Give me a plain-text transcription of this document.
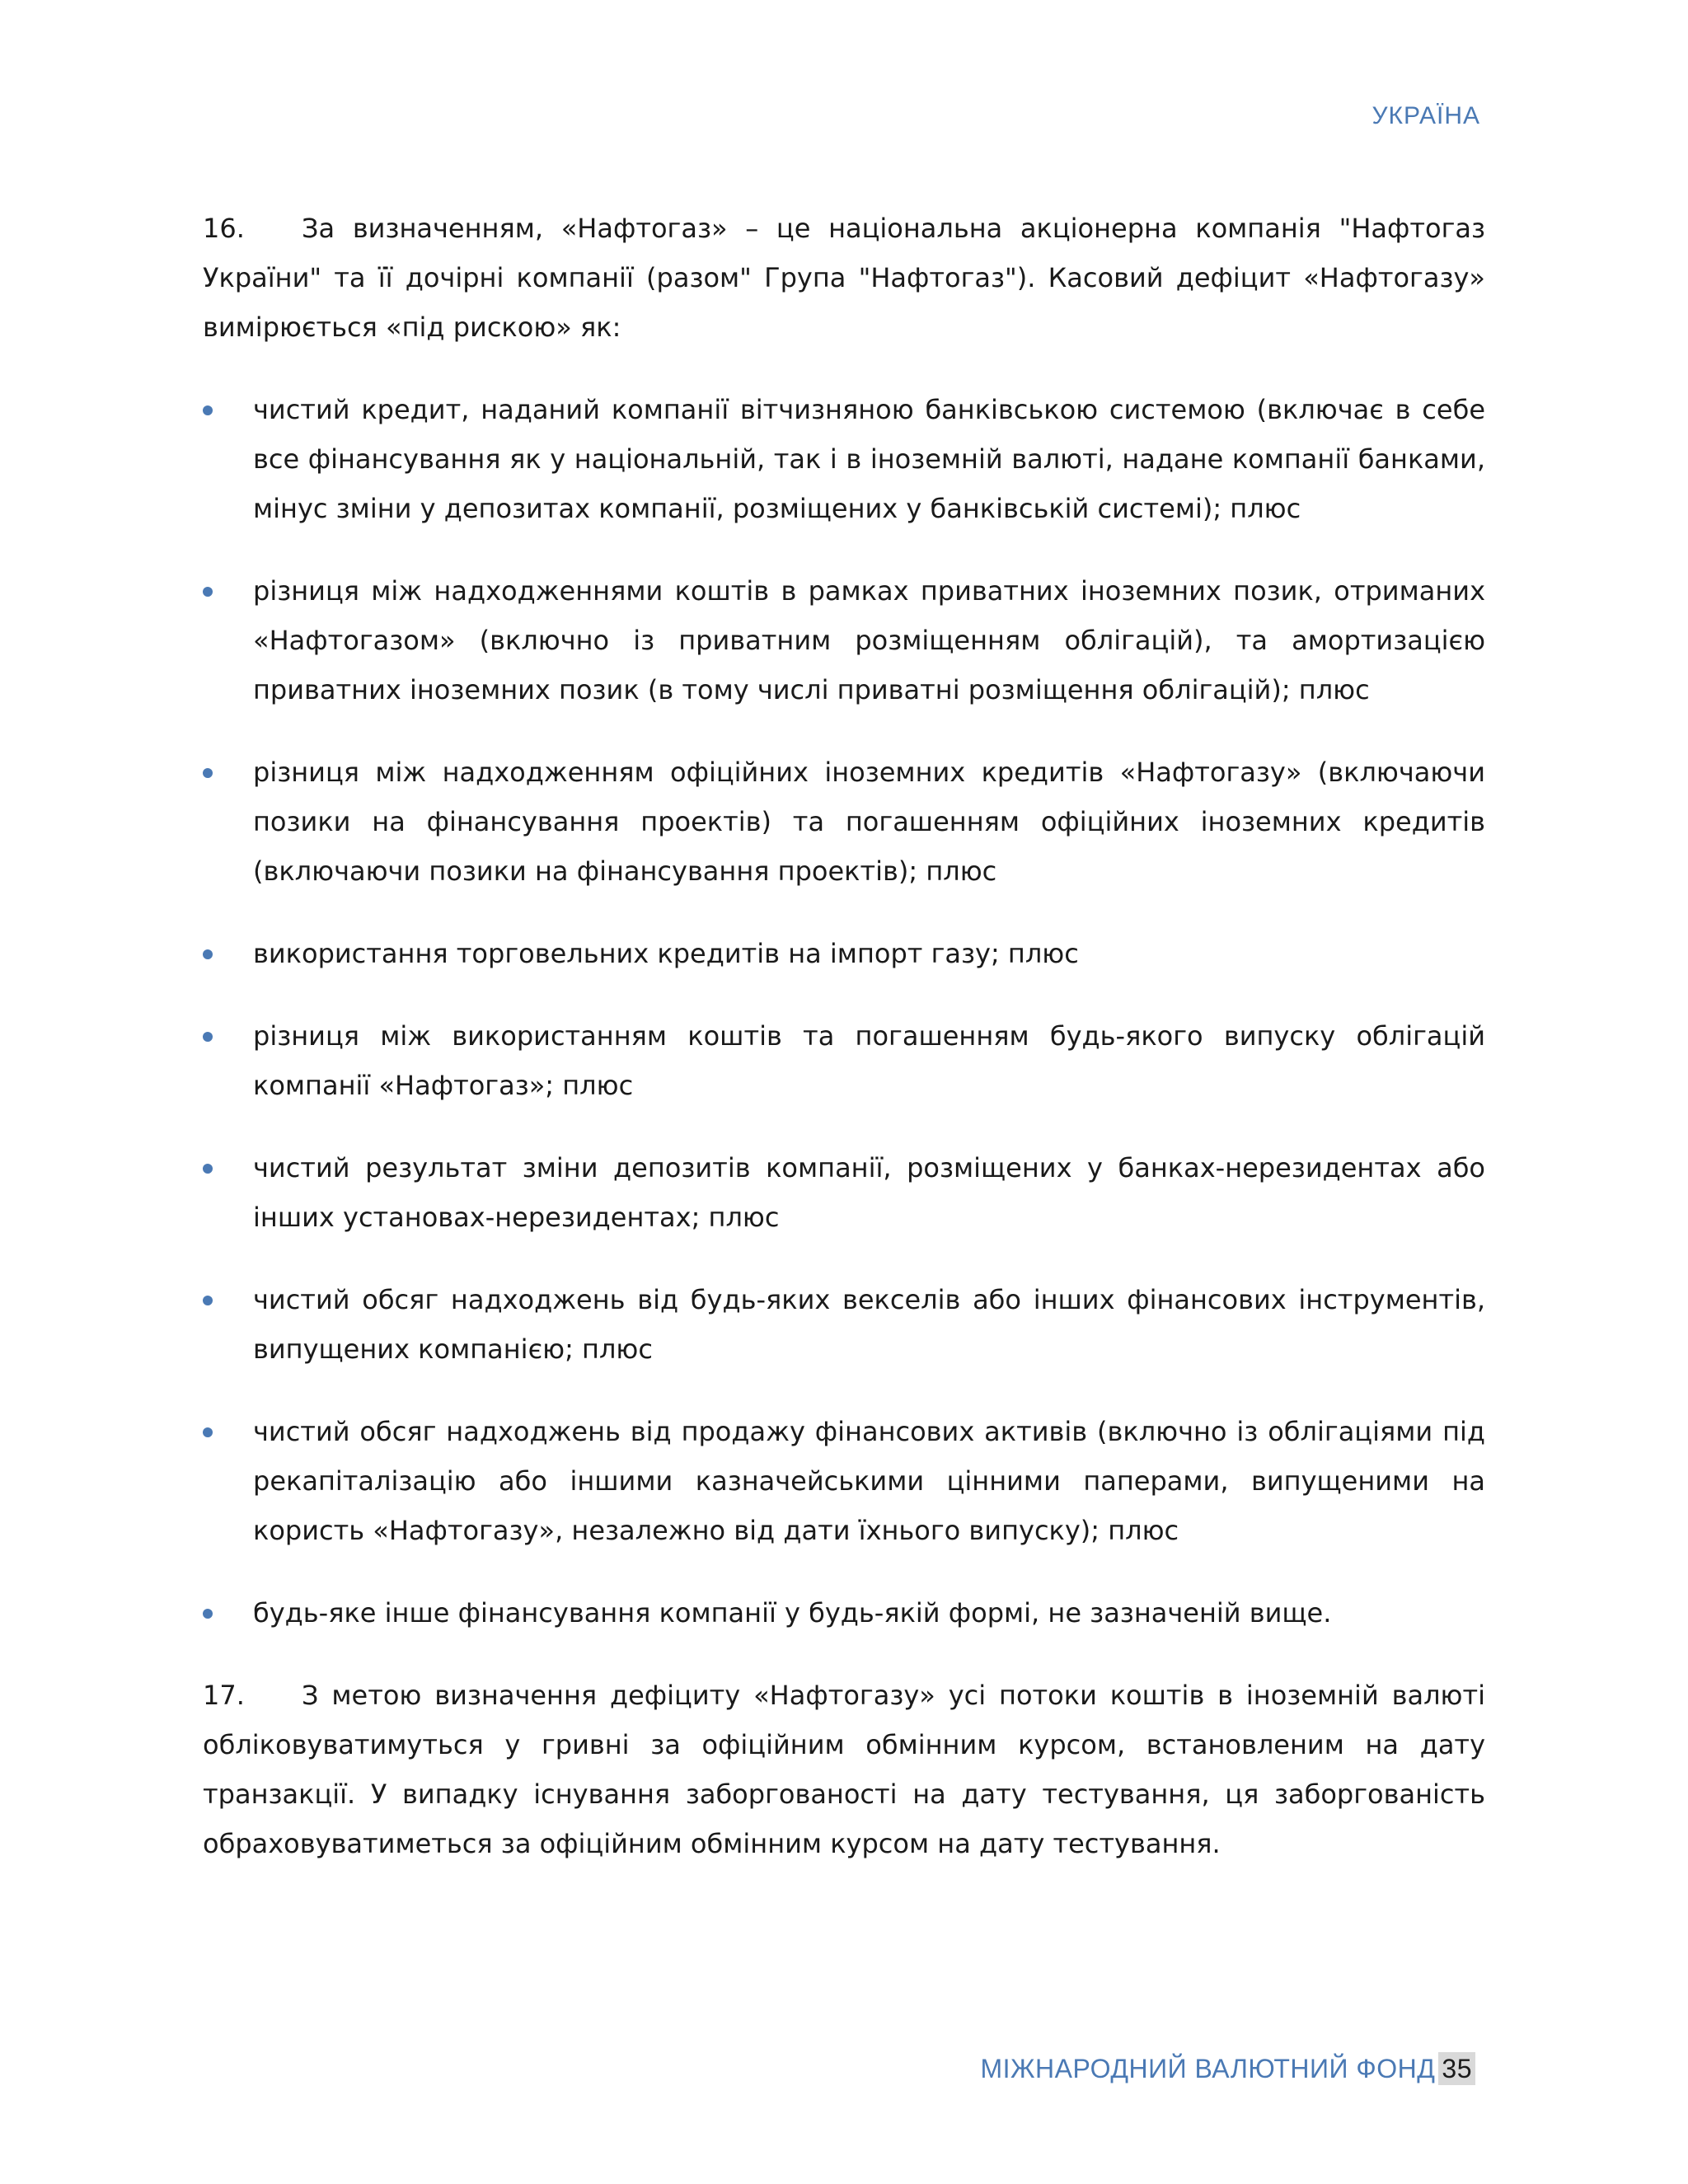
УКРАЇНА

16. За визначенням, «Нафтогаз» – це національна акціонерна компанія "Нафтогаз України" та її дочірні компанії (разом" Група "Нафтогаз"). Касовий дефіцит «Нафтогазу» вимірюється «під рискою» як:

чистий кредит, наданий компанії вітчизняною банківською системою (включає в себе все фінансування як у національній, так і в іноземній валюті, надане компанії банками, мінус зміни у депозитах компанії, розміщених у банківській системі); плюс
різниця між надходженнями коштів в рамках приватних іноземних позик, отриманих «Нафтогазом» (включно із приватним розміщенням облігацій), та амортизацією приватних іноземних позик (в тому числі приватні розміщення облігацій); плюс
різниця між надходженням офіційних іноземних кредитів «Нафтогазу» (включаючи позики на фінансування проектів) та погашенням офіційних іноземних кредитів (включаючи позики на фінансування проектів); плюс
використання торговельних кредитів на імпорт газу; плюс
різниця між використанням коштів та погашенням будь-якого випуску облігацій компанії «Нафтогаз»; плюс
чистий результат зміни депозитів компанії, розміщених у банках-нерезидентах або інших установах-нерезидентах; плюс
чистий обсяг надходжень від будь-яких векселів або інших фінансових інструментів, випущених компанією; плюс
чистий обсяг надходжень від продажу фінансових активів (включно із облігаціями під рекапіталізацію або іншими казначейськими цінними паперами, випущеними на користь «Нафтогазу», незалежно від дати їхнього випуску); плюс
будь-яке інше фінансування компанії у будь-якій формі, не зазначеній вище.

17. З метою визначення дефіциту «Нафтогазу» усі потоки коштів в іноземній валюті обліковуватимуться у гривні за офіційним обмінним курсом, встановленим на дату транзакції. У випадку існування заборгованості на дату тестування, ця заборгованість обраховуватиметься за офіційним обмінним курсом на дату тестування.

МІЖНАРОДНИЙ ВАЛЮТНИЙ ФОНД 35
